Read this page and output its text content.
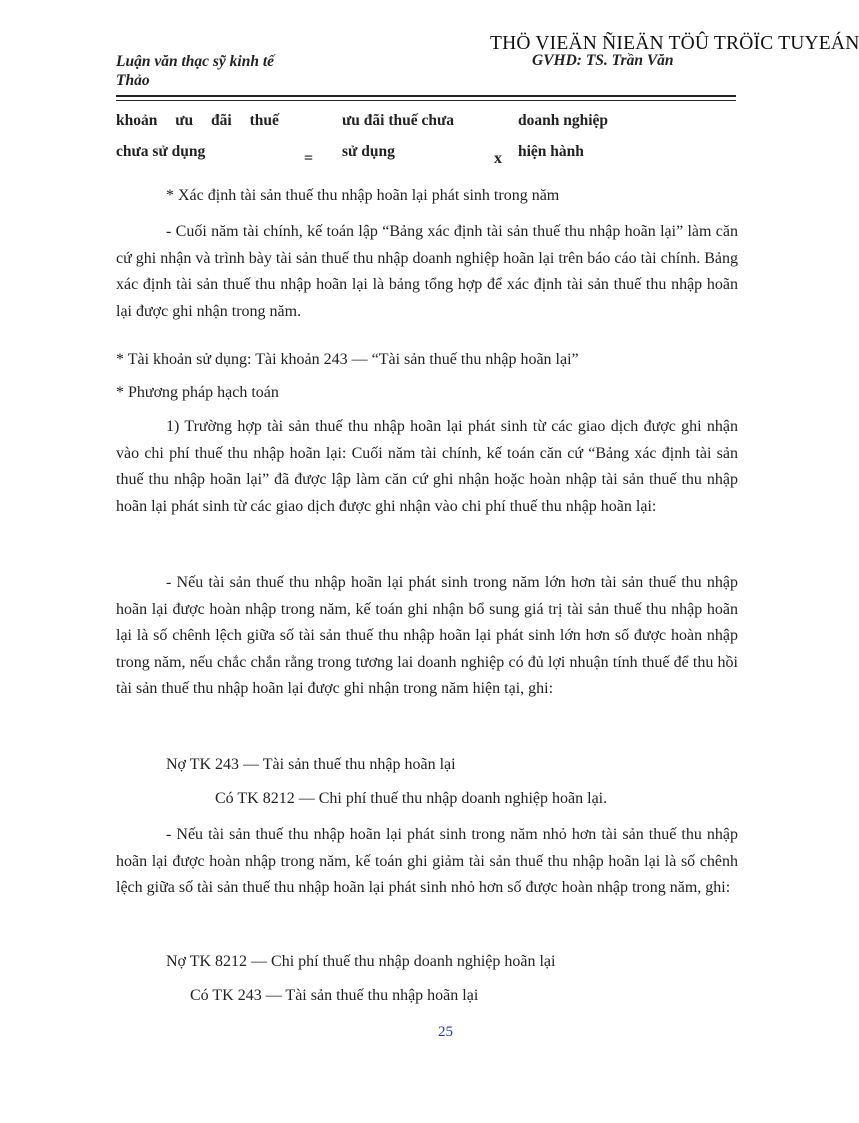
THÖ VIEÄN ÑIEÄN TÖÛ TRÖÏC TUYEÁN
Luận văn thạc sỹ kinh tế
Thảo
GVHD: TS. Trần Văn
khoản ưu đãi thuế
chưa sử dụng	=
ưu đãi thuế chưa
sử dụng	x
doanh nghiệp
hiện hành
* Xác định tài sản thuế thu nhập hoãn lại phát sinh trong năm
- Cuối năm tài chính, kế toán lập “Bảng xác định tài sản thuế thu nhập hoãn lại” làm căn cứ ghi nhận và trình bày tài sản thuế thu nhập doanh nghiệp hoãn lại trên báo cáo tài chính. Bảng xác định tài sản thuế thu nhập hoãn lại là bảng tổng hợp để xác định tài sản thuế thu nhập hoãn lại được ghi nhận trong năm.
* Tài khoản sử dụng: Tài khoản 243 — “Tài sản thuế thu nhập hoãn lại”
* Phương pháp hạch toán
1) Trường hợp tài sản thuế thu nhập hoãn lại phát sinh từ các giao dịch được ghi nhận vào chi phí thuế thu nhập hoãn lại: Cuối năm tài chính, kế toán căn cứ “Bảng xác định tài sản thuế thu nhập hoãn lại” đã được lập làm căn cứ ghi nhận hoặc hoàn nhập tài sản thuế thu nhập hoãn lại phát sinh từ các giao dịch được ghi nhận vào chi phí thuế thu nhập hoãn lại:
- Nếu tài sản thuế thu nhập hoãn lại phát sinh trong năm lớn hơn tài sản thuế thu nhập hoãn lại được hoàn nhập trong năm, kế toán ghi nhận bổ sung giá trị tài sản thuế thu nhập hoãn lại là số chênh lệch giữa số tài sản thuế thu nhập hoãn lại phát sinh lớn hơn số được hoàn nhập trong năm, nếu chắc chắn rằng trong tương lai doanh nghiệp có đủ lợi nhuận tính thuế để thu hồi tài sản thuế thu nhập hoãn lại được ghi nhận trong năm hiện tại, ghi:
Nợ TK 243 — Tài sản thuế thu nhập hoãn lại
Có TK 8212 — Chi phí thuế thu nhập doanh nghiệp hoãn lại.
- Nếu tài sản thuế thu nhập hoãn lại phát sinh trong năm nhỏ hơn tài sản thuế thu nhập hoãn lại được hoàn nhập trong năm, kế toán ghi giảm tài sản thuế thu nhập hoãn lại là số chênh lệch giữa số tài sản thuế thu nhập hoãn lại phát sinh nhỏ hơn số được hoàn nhập trong năm, ghi:
Nợ TK 8212 — Chi phí thuế thu nhập doanh nghiệp hoãn lại
Có TK 243 — Tài sản thuế thu nhập hoãn lại
25
